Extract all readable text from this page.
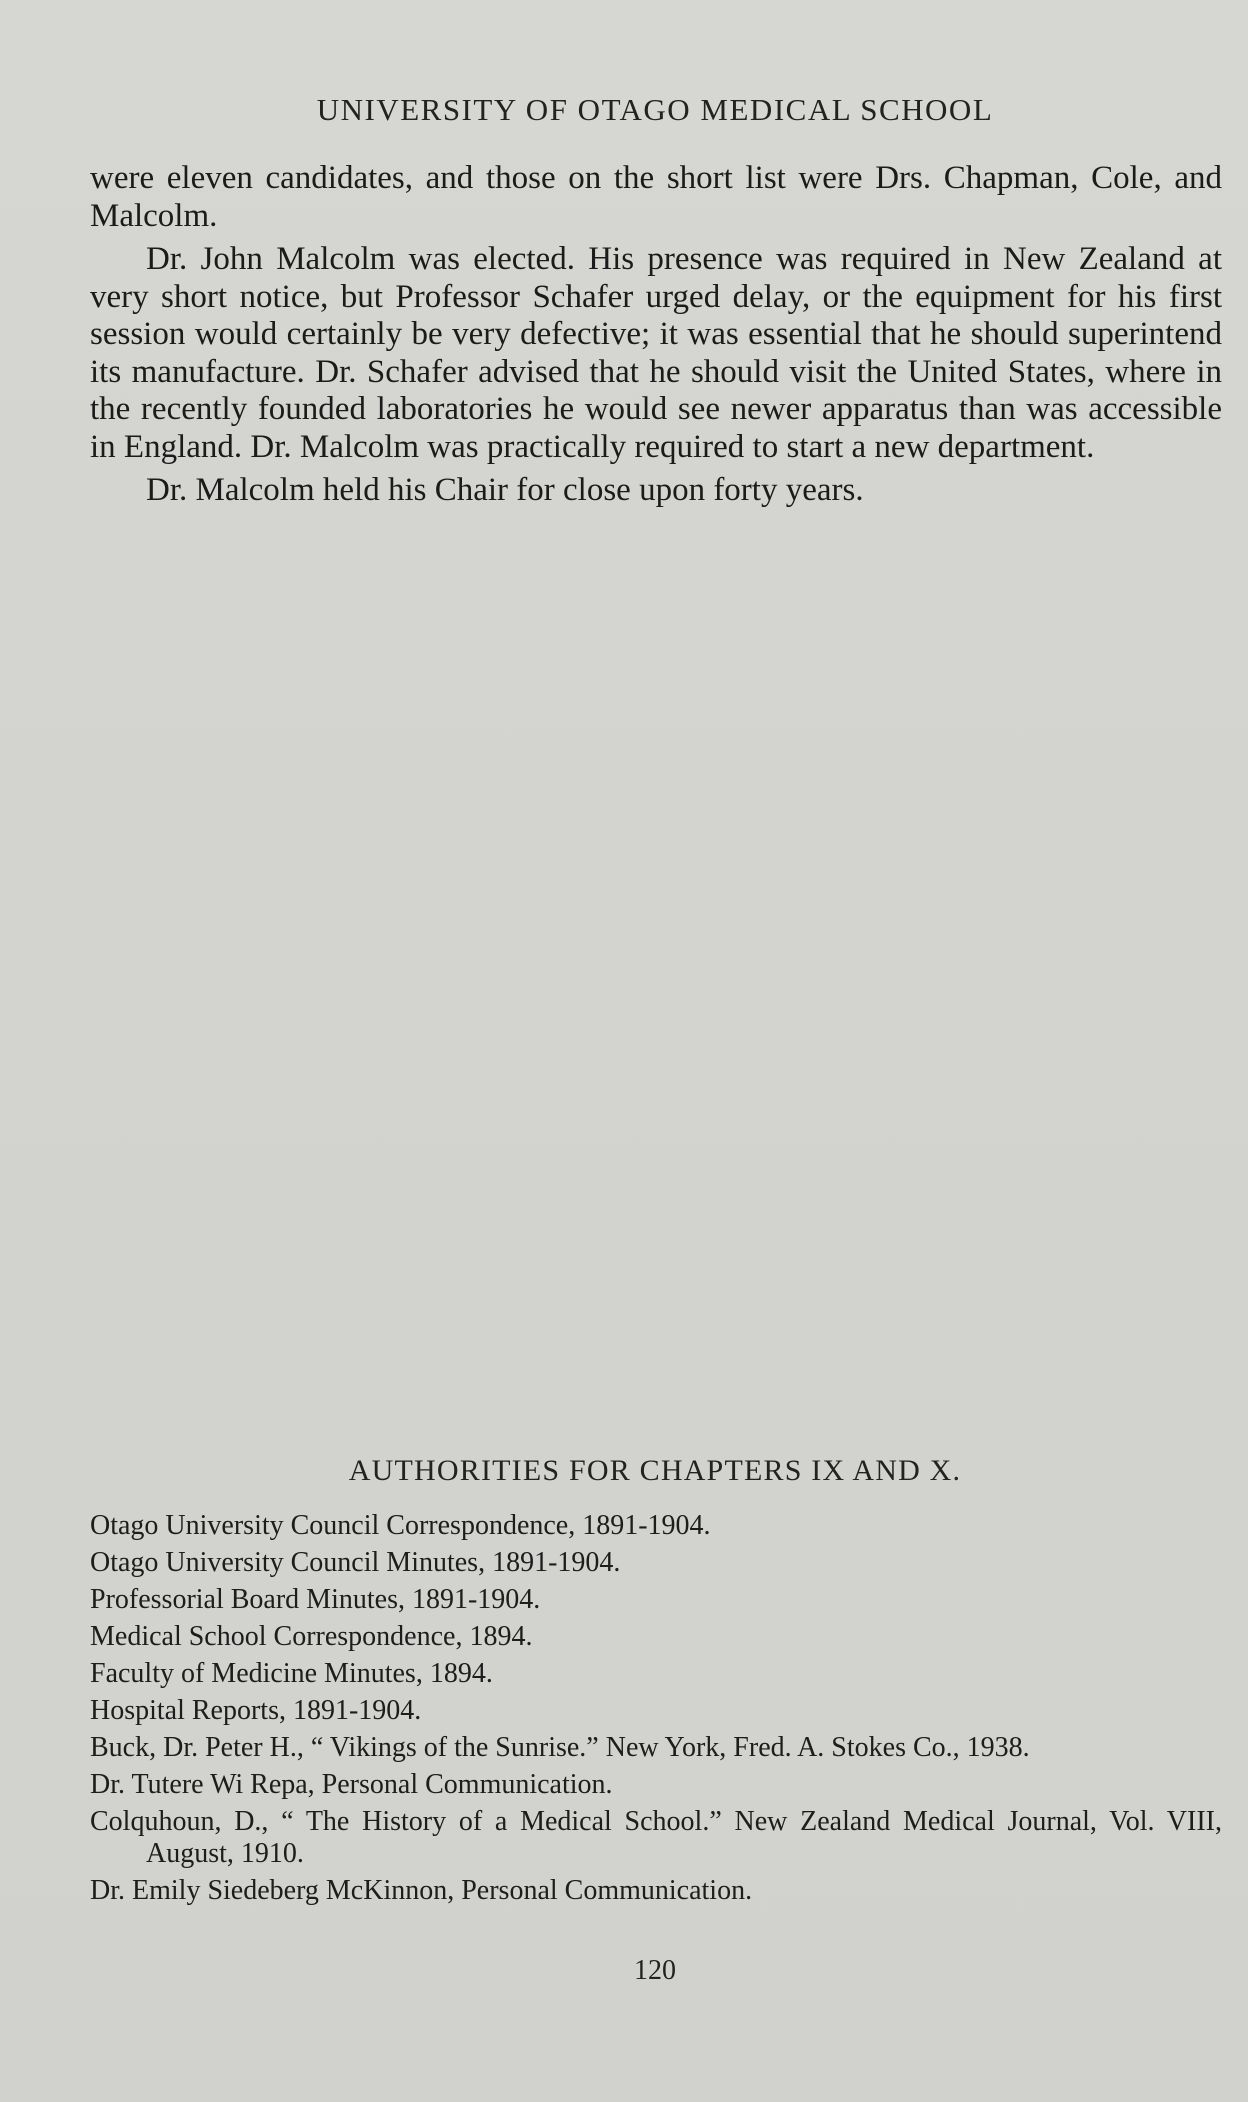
UNIVERSITY OF OTAGO MEDICAL SCHOOL

were eleven candidates, and those on the short list were Drs. Chapman, Cole, and Malcolm.

Dr. John Malcolm was elected. His presence was required in New Zealand at very short notice, but Professor Schafer urged delay, or the equipment for his first session would certainly be very defective; it was essential that he should superintend its manufacture. Dr. Schafer advised that he should visit the United States, where in the recently founded laboratories he would see newer apparatus than was accessible in England. Dr. Malcolm was practically required to start a new department.

Dr. Malcolm held his Chair for close upon forty years.

AUTHORITIES FOR CHAPTERS IX AND X.
Otago University Council Correspondence, 1891-1904.
Otago University Council Minutes, 1891-1904.
Professorial Board Minutes, 1891-1904.
Medical School Correspondence, 1894.
Faculty of Medicine Minutes, 1894.
Hospital Reports, 1891-1904.
Buck, Dr. Peter H., “ Vikings of the Sunrise.” New York, Fred. A. Stokes Co., 1938.
Dr. Tutere Wi Repa, Personal Communication.
Colquhoun, D., “ The History of a Medical School.” New Zealand Medical Journal, Vol. VIII, August, 1910.
Dr. Emily Siedeberg McKinnon, Personal Communication.
120
